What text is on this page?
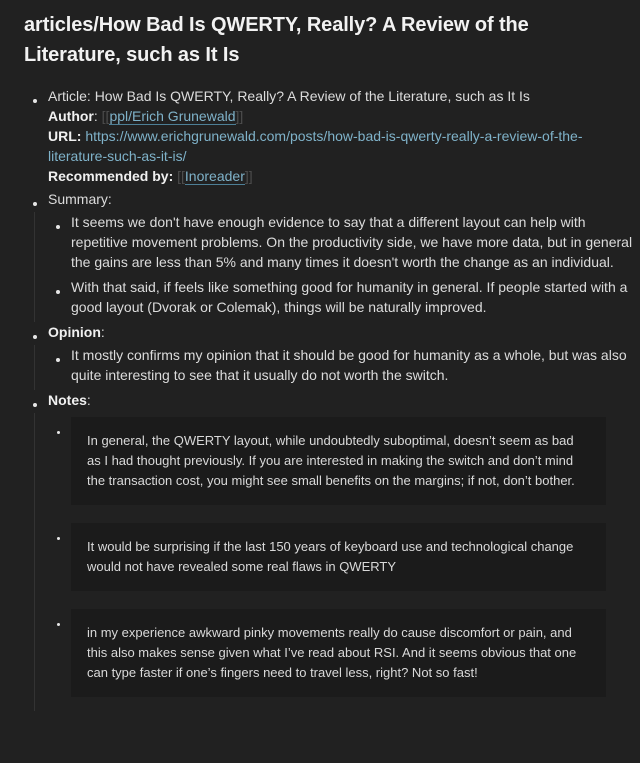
articles/How Bad Is QWERTY, Really? A Review of the Literature, such as It Is
Article: How Bad Is QWERTY, Really? A Review of the Literature, such as It Is
Author: [[ppl/Erich Grunewald]]
URL: https://www.erichgrunewald.com/posts/how-bad-is-qwerty-really-a-review-of-the-literature-such-as-it-is/
Recommended by: [[Inoreader]]
Summary:
It seems we don't have enough evidence to say that a different layout can help with repetitive movement problems. On the productivity side, we have more data, but in general the gains are less than 5% and many times it doesn't worth the change as an individual.
With that said, if feels like something good for humanity in general. If people started with a good layout (Dvorak or Colemak), things will be naturally improved.
Opinion:
It mostly confirms my opinion that it should be good for humanity as a whole, but was also quite interesting to see that it usually do not worth the switch.
Notes:
In general, the QWERTY layout, while undoubtedly suboptimal, doesn’t seem as bad as I had thought previously. If you are interested in making the switch and don’t mind the transaction cost, you might see small benefits on the margins; if not, don’t bother.
It would be surprising if the last 150 years of keyboard use and technological change would not have revealed some real flaws in QWERTY
in my experience awkward pinky movements really do cause discomfort or pain, and this also makes sense given what I’ve read about RSI. And it seems obvious that one can type faster if one’s fingers need to travel less, right? Not so fast!
